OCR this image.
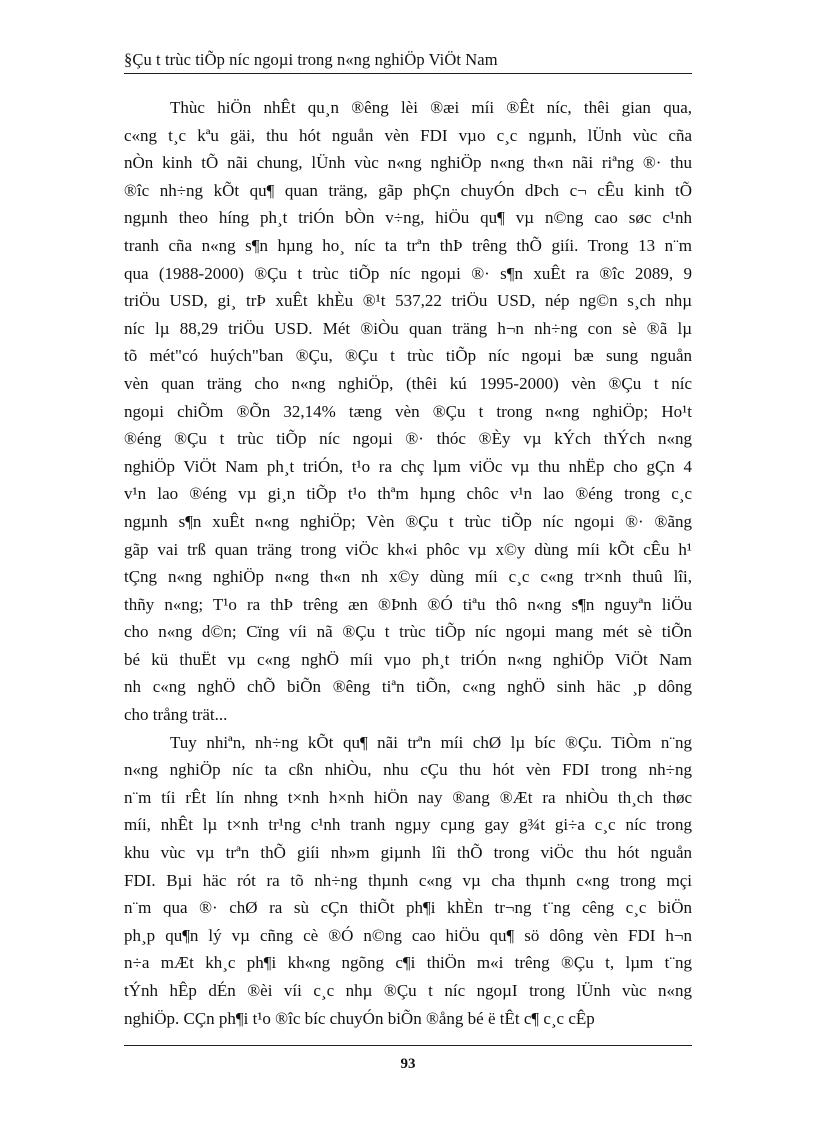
§Çu t trùc tiÕp níc ngoµi trong n«ng nghiÖp ViÖt Nam
Thùc hiÖn nhÊt qu¸n ®êng lèi ®æi míi ®Êt níc, thêi gian qua,
c«ng t¸c kªu gäi, thu hót nguån vèn FDI vµo c¸c ngµnh, lÜnh vùc cña
nÒn kinh tÕ nãi chung, lÜnh vùc n«ng nghiÖp n«ng th«n nãi riªng ®· thu
®îc nh÷ng kÕt qu¶ quan träng, gãp phÇn chuyÓn dÞch c¬ cÊu kinh tÕ
ngµnh theo híng ph¸t triÓn bÒn v÷ng, hiÖu qu¶ vµ n©ng cao søc c¹nh
tranh cña n«ng s¶n hµng ho¸ níc ta trªn thÞ trêng thÕ giíi. Trong 13 n¨m
qua (1988-2000) ®Çu t trùc tiÕp níc ngoµi ®· s¶n xuÊt ra ®îc 2089, 9
triÖu USD, gi¸ trÞ xuÊt khÈu ®¹t 537,22 triÖu USD, nép ng©n s¸ch nhµ
níc lµ 88,29 triÖu USD. Mét ®iÒu quan träng h¬n nh÷ng con sè ®ã lµ
tõ mét"có huých"ban ®Çu, ®Çu t trùc tiÕp níc ngoµi bæ sung nguån
vèn quan träng cho n«ng nghiÖp, (thêi kú 1995-2000) vèn ®Çu t níc
ngoµi chiÕm ®Õn 32,14% tæng vèn ®Çu t trong n«ng nghiÖp; Ho¹t
®éng ®Çu t trùc tiÕp níc ngoµi ®· thóc ®Èy vµ kÝch thÝch n«ng
nghiÖp ViÖt Nam ph¸t triÓn, t¹o ra chç lµm viÖc vµ thu nhËp cho gÇn 4
v¹n lao ®éng vµ gi¸n tiÕp t¹o thªm hµng chôc v¹n lao ®éng trong c¸c
ngµnh s¶n xuÊt n«ng nghiÖp; Vèn ®Çu t trùc tiÕp níc ngoµi ®· ®ãng
gãp vai trß quan träng trong viÖc kh«i phôc vµ x©y dùng míi kÕt cÊu h¹
tÇng n«ng nghiÖp n«ng th«n nh x©y dùng míi c¸c c«ng tr×nh thuû lîi,
thñy n«ng; T¹o ra thÞ trêng æn ®Þnh ®Ó tiªu thô n«ng s¶n nguyªn liÖu
cho n«ng d©n; Cïng víi nã ®Çu t trùc tiÕp níc ngoµi mang mét sè tiÕn
bé kü thuËt vµ c«ng nghÖ míi vµo ph¸t triÓn n«ng nghiÖp ViÖt Nam
nh c«ng nghÖ chÕ biÕn ®êng tiªn tiÕn, c«ng nghÖ sinh häc ¸p dông
cho trång trät...
Tuy nhiªn, nh÷ng kÕt qu¶ nãi trªn míi chØ lµ bíc ®Çu. TiÒm n¨ng
n«ng nghiÖp níc ta cßn nhiÒu, nhu cÇu thu hót vèn FDI trong nh÷ng
n¨m tíi rÊt lín nhng t×nh h×nh hiÖn nay ®ang ®Æt ra nhiÒu th¸ch thøc
míi, nhÊt lµ t×nh tr¹ng c¹nh tranh ngµy cµng gay g¾t gi÷a c¸c níc trong
khu vùc vµ trªn thÕ giíi nh»m giµnh lîi thÕ trong viÖc thu hót nguån
FDI. Bµi häc rót ra tõ nh÷ng thµnh c«ng vµ cha thµnh c«ng trong mçi
n¨m qua ®· chØ ra sù cÇn thiÕt ph¶i khÈn tr¬ng t¨ng cêng c¸c biÖn
ph¸p qu¶n lý vµ cñng cè ®Ó n©ng cao hiÖu qu¶ sö dông vèn FDI h¬n
n÷a mÆt kh¸c ph¶i kh«ng ngõng c¶i thiÖn m«i trêng ®Çu t, lµm t¨ng
tÝnh hÊp dÉn ®èi víi c¸c nhµ ®Çu t níc ngoµI trong lÜnh vùc n«ng
nghiÖp. CÇn ph¶i t¹o ®îc bíc chuyÓn biÕn ®ång bé ë tÊt c¶ c¸c cÊp
93
